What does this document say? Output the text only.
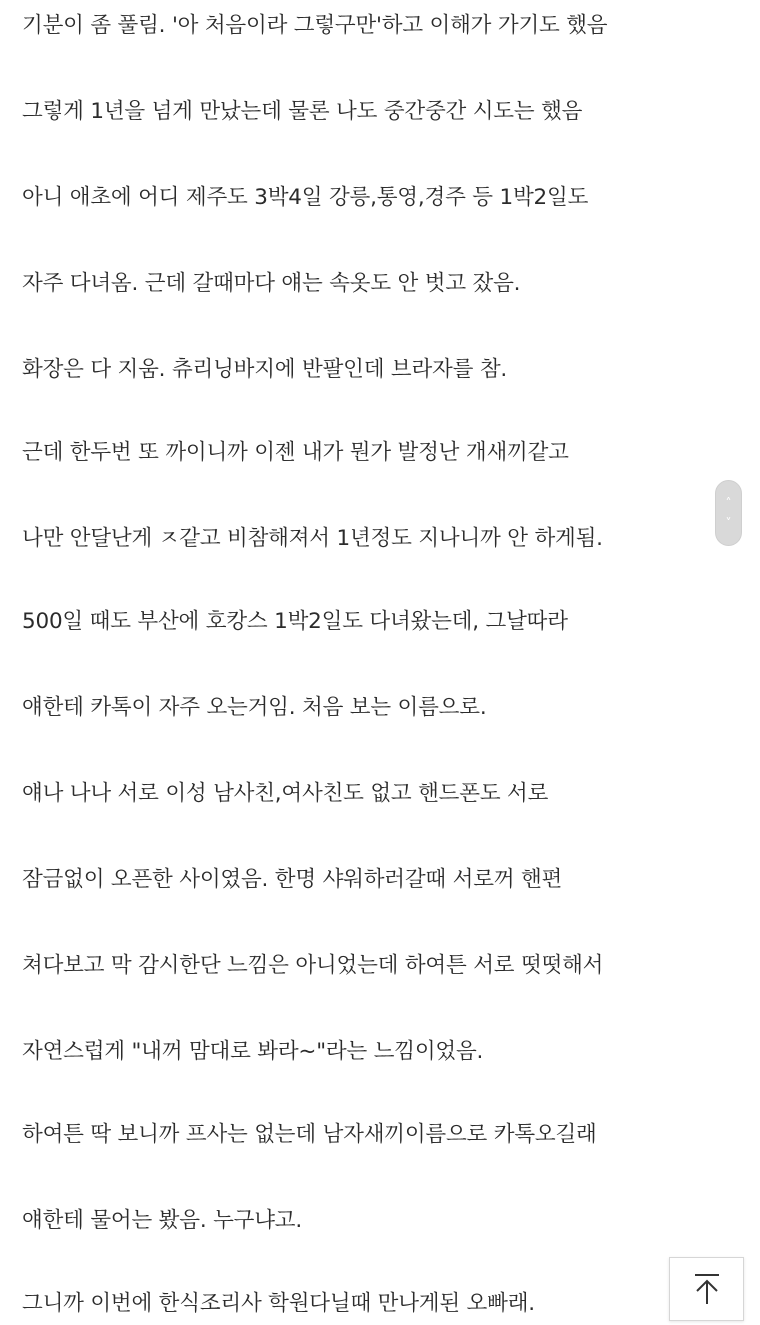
기분이 좀 풀림. '아 처음이라 그렇구만'하고 이해가 가기도 했음
그렇게 1년을 넘게 만났는데 물론 나도 중간중간 시도는 했음
아니 애초에 어디 제주도 3박4일 강릉,통영,경주 등 1박2일도
자주 다녀옴. 근데 갈때마다 얘는 속옷도 안 벗고 잤음.
화장은 다 지움. 츄리닝바지에 반팔인데 브라자를 참.
근데 한두번 또 까이니까 이젠 내가 뭔가 발정난 개새끼같고
나만 안달난게 ㅈ같고 비참해져서 1년정도 지나니까 안 하게됨.
500일 때도 부산에 호캉스 1박2일도 다녀왔는데, 그날따라
얘한테 카톡이 자주 오는거임. 처음 보는 이름으로.
얘나 나나 서로 이성 남사친,여사친도 없고 핸드폰도 서로
잠금없이 오픈한 사이였음. 한명 샤워하러갈때 서로꺼 핸편
쳐다보고 막 감시한단 느낌은 아니었는데 하여튼 서로 떳떳해서
자연스럽게 "내꺼 맘대로 봐라~"라는 느낌이었음.
하여튼 딱 보니까 프사는 없는데 남자새끼이름으로 카톡오길래
얘한테 물어는 봤음. 누구냐고.
그니까 이번에 한식조리사 학원다닐때 만나게된 오빠래.
˄
˅
